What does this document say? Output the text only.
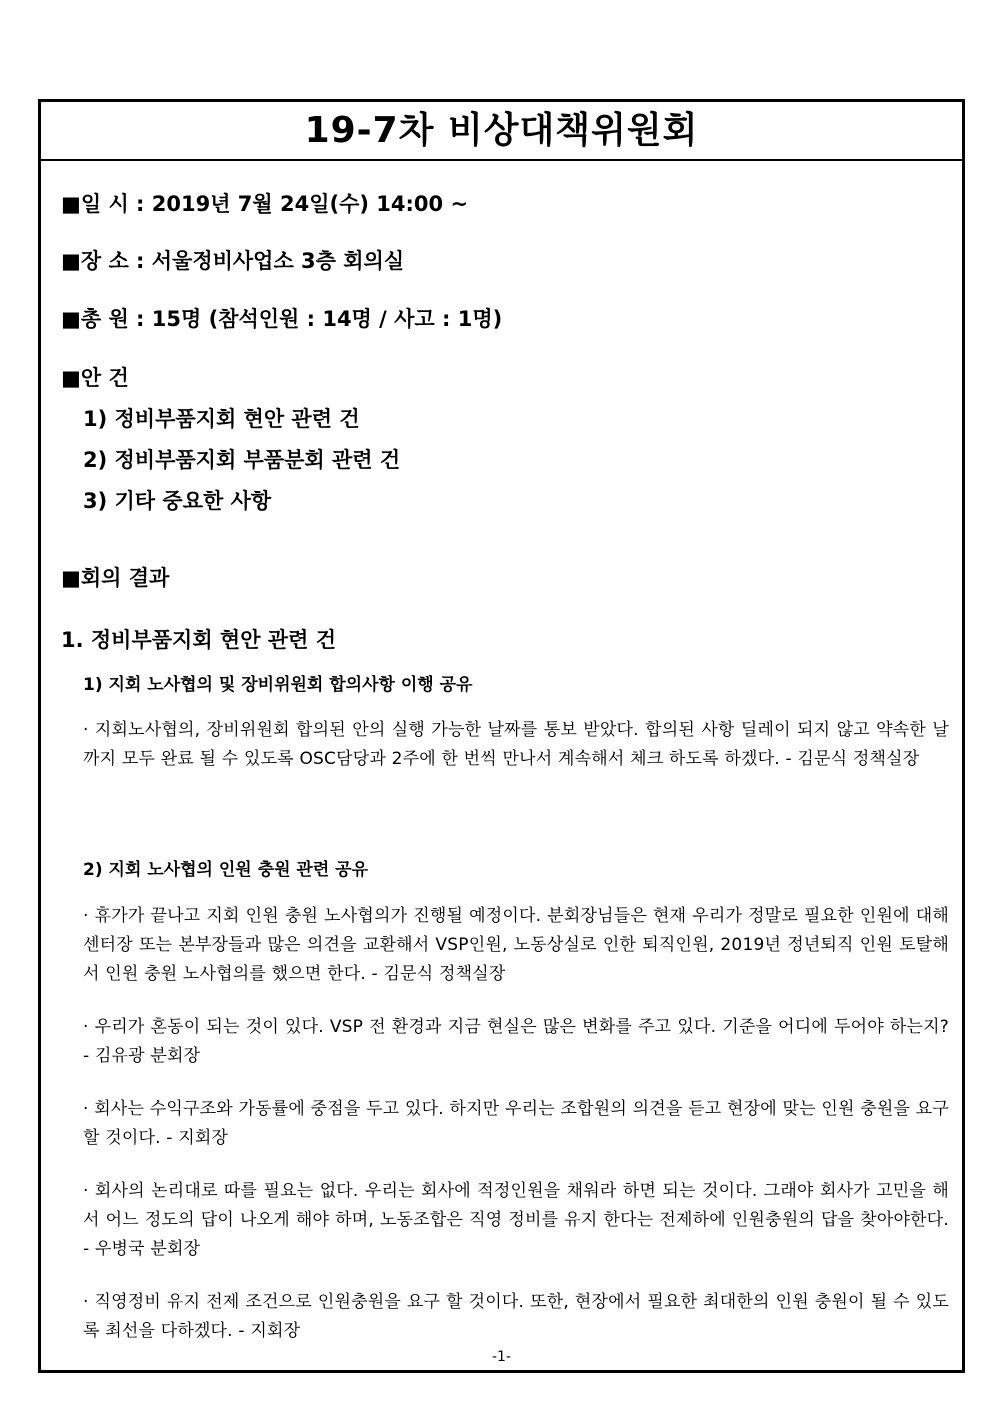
19-7차 비상대책위원회
■일 시 : 2019년 7월 24일(수) 14:00 ~
■장 소 : 서울정비사업소 3층 회의실
■총 원 : 15명 (참석인원 : 14명 / 사고 : 1명)
■안 건
1) 정비부품지회 현안 관련 건
2) 정비부품지회 부품분회 관련 건
3) 기타 중요한 사항
■회의 결과
1. 정비부품지회 현안 관련 건
1) 지회 노사협의 및 장비위원회 합의사항 이행 공유
· 지회노사협의, 장비위원회 합의된 안의 실행 가능한 날짜를 통보 받았다. 합의된 사항 딜레이 되지 않고 약속한 날까지 모두 완료 될 수 있도록 OSC담당과 2주에 한 번씩 만나서 계속해서 체크 하도록 하겠다. - 김문식 정책실장
2) 지회 노사협의 인원 충원 관련 공유
· 휴가가 끝나고 지회 인원 충원 노사협의가 진행될 예정이다. 분회장님들은 현재 우리가 정말로 필요한 인원에 대해 센터장 또는 본부장들과 많은 의견을 교환해서 VSP인원, 노동상실로 인한 퇴직인원, 2019년 정년퇴직 인원 토탈해서 인원 충원 노사협의를 했으면 한다. - 김문식 정책실장
· 우리가 혼동이 되는 것이 있다. VSP 전 환경과 지금 현실은 많은 변화를 주고 있다. 기준을 어디에 두어야 하는지? - 김유광 분회장
· 회사는 수익구조와 가동률에 중점을 두고 있다. 하지만 우리는 조합원의 의견을 듣고 현장에 맞는 인원 충원을 요구 할 것이다. - 지회장
· 회사의 논리대로 따를 필요는 없다. 우리는 회사에 적정인원을 채워라 하면 되는 것이다. 그래야 회사가 고민을 해서 어느 정도의 답이 나오게 해야 하며, 노동조합은 직영 정비를 유지 한다는 전제하에 인원충원의 답을 찾아야한다. - 우병국 분회장
· 직영정비 유지 전제 조건으로 인원충원을 요구 할 것이다. 또한, 현장에서 필요한 최대한의 인원 충원이 될 수 있도록 최선을 다하겠다. - 지회장
-1-
